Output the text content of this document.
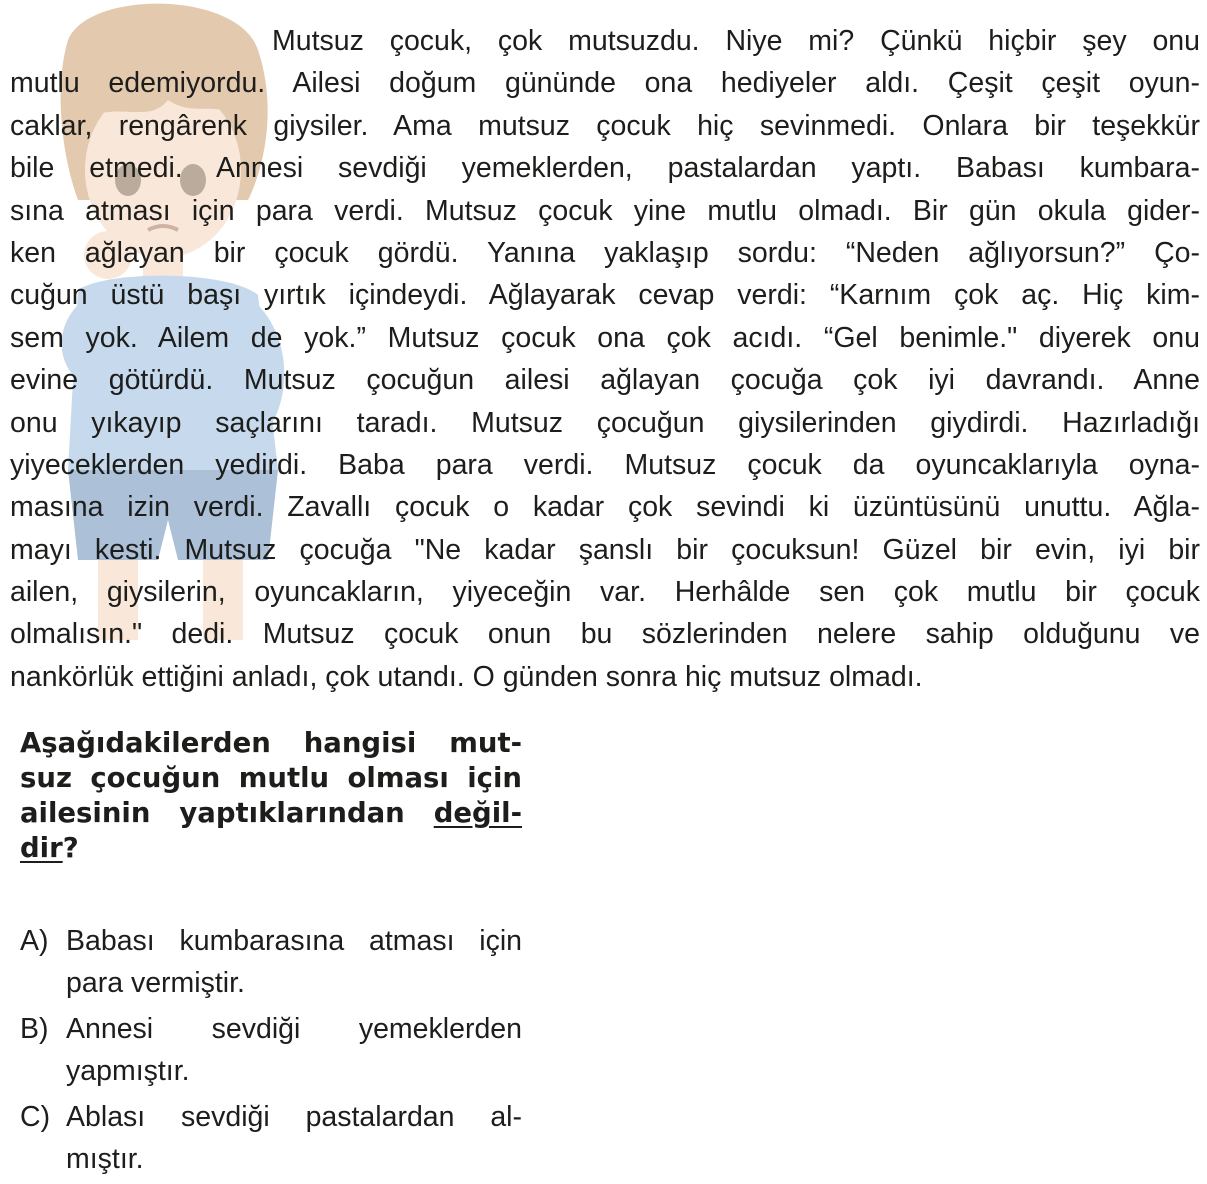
Mutsuz çocuk, çok mutsuzdu. Niye mi? Çünkü hiçbir şey onu
mutlu edemiyordu. Ailesi doğum gününde ona hediyeler aldı. Çeşit çeşit oyun-
caklar, rengârenk giysiler. Ama mutsuz çocuk hiç sevinmedi. Onlara bir teşekkür
bile etmedi. Annesi sevdiği yemeklerden, pastalardan yaptı. Babası kumbara-
sına atması için para verdi. Mutsuz çocuk yine mutlu olmadı. Bir gün okula gider-
ken ağlayan bir çocuk gördü. Yanına yaklaşıp sordu: “Neden ağlıyorsun?” Ço-
cuğun üstü başı yırtık içindeydi. Ağlayarak cevap verdi: “Karnım çok aç. Hiç kim-
sem yok. Ailem de yok.” Mutsuz çocuk ona çok acıdı. “Gel benimle." diyerek onu
evine götürdü. Mutsuz çocuğun ailesi ağlayan çocuğa çok iyi davrandı. Anne
onu yıkayıp saçlarını taradı. Mutsuz çocuğun giysilerinden giydirdi. Hazırladığı
yiyeceklerden yedirdi. Baba para verdi. Mutsuz çocuk da oyuncaklarıyla oyna-
masına izin verdi. Zavallı çocuk o kadar çok sevindi ki üzüntüsünü unuttu. Ağla-
mayı kesti. Mutsuz çocuğa "Ne kadar şanslı bir çocuksun! Güzel bir evin, iyi bir
ailen, giysilerin, oyuncakların, yiyeceğin var. Herhâlde sen çok mutlu bir çocuk
olmalısın." dedi. Mutsuz çocuk onun bu sözlerinden nelere sahip olduğunu ve
nankörlük ettiğini anladı, çok utandı. O günden sonra hiç mutsuz olmadı.
Aşağıdakilerden hangisi mut-
suz çocuğun mutlu olması için
ailesinin yaptıklarından değil-
dir?
A) Babası kumbarasına atması için
para vermiştir.
B) Annesi sevdiği yemeklerden
yapmıştır.
C) Ablası sevdiği pastalardan al-
mıştır.
